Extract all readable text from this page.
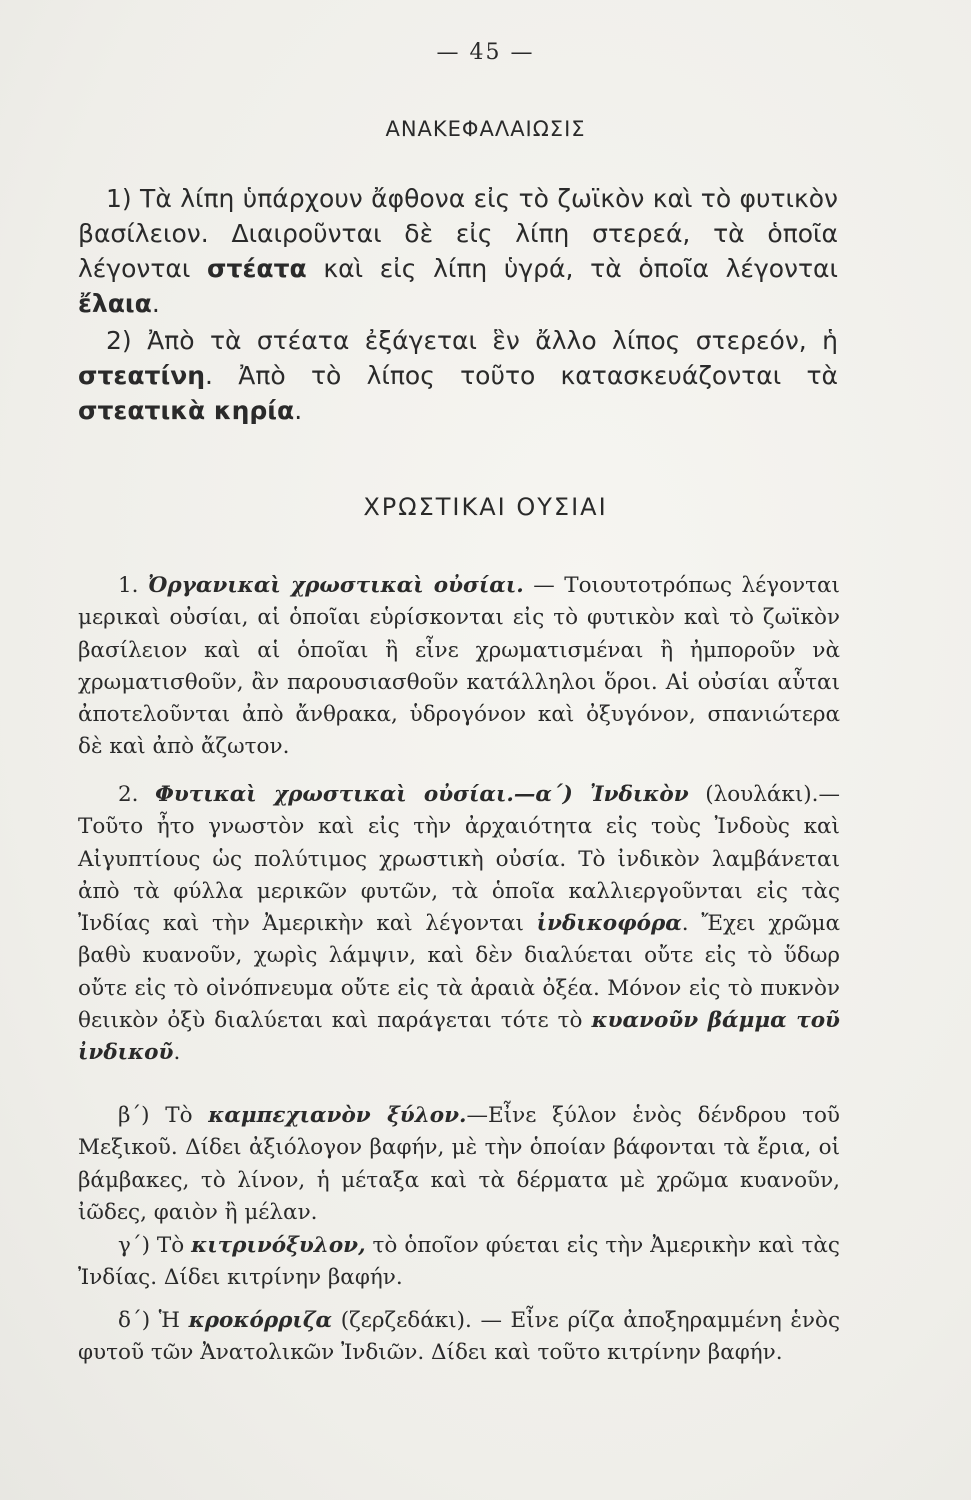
— 45 —
ΑΝΑΚΕΦΑΛΑΙΩΣΙΣ
1) Τὰ λίπη ὑπάρχουν ἄφθονα εἰς τὸ ζωϊκὸν καὶ τὸ φυτικὸν βασίλειον. Διαιροῦνται δὲ εἰς λίπη στερεά, τὰ ὁποῖα λέγονται στέατα καὶ εἰς λίπη ὑγρά, τὰ ὁποῖα λέγονται ἔλαια.
2) Ἀπὸ τὰ στέατα ἐξάγεται ἓν ἄλλο λίπος στερεόν, ἡ στεατίνη. Ἀπὸ τὸ λίπος τοῦτο κατασκευάζονται τὰ στεατικὰ κηρία.
ΧΡΩΣΤΙΚΑΙ ΟΥΣΙΑΙ
1. Ὀργανικαὶ χρωστικαὶ οὐσίαι. — Τοιουτοτρόπως λέγονται μερικαὶ οὐσίαι, αἱ ὁποῖαι εὑρίσκονται εἰς τὸ φυτικὸν καὶ τὸ ζωϊκὸν βασίλειον καὶ αἱ ὁποῖαι ἢ εἶνε χρωματισμέναι ἢ ἠμποροῦν νὰ χρωματισθοῦν, ἂν παρουσιασθοῦν κατάλληλοι ὅροι. Αἱ οὐσίαι αὗται ἀποτελοῦνται ἀπὸ ἄνθρακα, ὑδρογόνον καὶ ὀξυγόνον, σπανιώτερα δὲ καὶ ἀπὸ ἄζωτον.
2. Φυτικαὶ χρωστικαὶ οὐσίαι.—α΄) Ἰνδικὸν (λουλάκι).— Τοῦτο ἦτο γνωστὸν καὶ εἰς τὴν ἀρχαιότητα εἰς τοὺς Ἰνδοὺς καὶ Αἰγυπτίους ὡς πολύτιμος χρωστικὴ οὐσία. Τὸ ἰνδικὸν λαμβάνεται ἀπὸ τὰ φύλλα μερικῶν φυτῶν, τὰ ὁποῖα καλλιεργοῦνται εἰς τὰς Ἰνδίας καὶ τὴν Ἀμερικὴν καὶ λέγονται ἰνδικοφόρα. Ἔχει χρῶμα βαθὺ κυανοῦν, χωρὶς λάμψιν, καὶ δὲν διαλύεται οὔτε εἰς τὸ ὕδωρ οὔτε εἰς τὸ οἰνόπνευμα οὔτε εἰς τὰ ἀραιὰ ὀξέα. Μόνον εἰς τὸ πυκνὸν θειικὸν ὀξὺ διαλύεται καὶ παράγεται τότε τὸ κυανοῦν βάμμα τοῦ ἰνδικοῦ.
β΄) Τὸ καμπεχιανὸν ξύλον.—Εἶνε ξύλον ἑνὸς δένδρου τοῦ Μεξικοῦ. Δίδει ἀξιόλογον βαφήν, μὲ τὴν ὁποίαν βάφονται τὰ ἔρια, οἱ βάμβακες, τὸ λίνον, ἡ μέταξα καὶ τὰ δέρματα μὲ χρῶμα κυανοῦν, ἰῶδες, φαιὸν ἢ μέλαν.
γ΄) Τὸ κιτρινόξυλον, τὸ ὁποῖον φύεται εἰς τὴν Ἀμερικὴν καὶ τὰς Ἰνδίας. Δίδει κιτρίνην βαφήν.
δ΄) Ἡ κροκόρριζα (ζερζεδάκι). — Εἶνε ρίζα ἀποξηραμμένη ἑνὸς φυτοῦ τῶν Ἀνατολικῶν Ἰνδιῶν. Δίδει καὶ τοῦτο κιτρίνην βαφήν.
